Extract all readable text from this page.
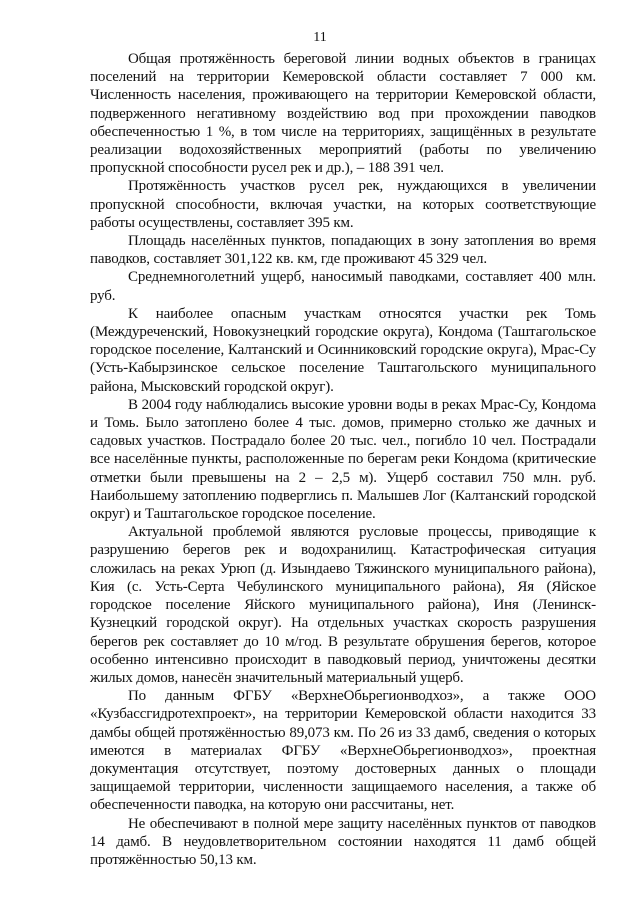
11

Общая протяжённость береговой линии водных объектов в границах поселений на территории Кемеровской области составляет 7 000 км. Численность населения, проживающего на территории Кемеровской области, подверженного негативному воздействию вод при прохождении паводков обеспеченностью 1 %, в том числе на территориях, защищённых в результате реализации водохозяйственных мероприятий (работы по увеличению пропускной способности русел рек и др.), – 188 391 чел.

Протяжённость участков русел рек, нуждающихся в увеличении пропускной способности, включая участки, на которых соответствующие работы осуществлены, составляет 395 км.

Площадь населённых пунктов, попадающих в зону затопления во время паводков, составляет 301,122 кв. км, где проживают 45 329 чел.

Среднемноголетний ущерб, наносимый паводками, составляет 400 млн. руб.

К наиболее опасным участкам относятся участки рек Томь (Междуреченский, Новокузнецкий городские округа), Кондома (Таштагольское городское поселение, Калтанский и Осинниковский городские округа), Мрас-Су (Усть-Кабырзинское сельское поселение Таштагольского муниципального района, Мысковский городской округ).

В 2004 году наблюдались высокие уровни воды в реках Мрас-Су, Кондома и Томь. Было затоплено более 4 тыс. домов, примерно столько же дачных и садовых участков. Пострадало более 20 тыс. чел., погибло 10 чел. Пострадали все населённые пункты, расположенные по берегам реки Кондома (критические отметки были превышены на 2 – 2,5 м). Ущерб составил 750 млн. руб. Наибольшему затоплению подверглись п. Малышев Лог (Калтанский городской округ) и Таштагольское городское поселение.

Актуальной проблемой являются русловые процессы, приводящие к разрушению берегов рек и водохранилищ. Катастрофическая ситуация сложилась на реках Урюп (д. Изындаево Тяжинского муниципального района), Кия (с. Усть-Серта Чебулинского муниципального района), Яя (Яйское городское поселение Яйского муниципального района), Иня (Ленинск-Кузнецкий городской округ). На отдельных участках скорость разрушения берегов рек составляет до 10 м/год. В результате обрушения берегов, которое особенно интенсивно происходит в паводковый период, уничтожены десятки жилых домов, нанесён значительный материальный ущерб.

По данным ФГБУ «ВерхнеОбьрегионводхоз», а также ООО «Кузбассгидротехпроект», на территории Кемеровской области находится 33 дамбы общей протяжённостью 89,073 км. По 26 из 33 дамб, сведения о которых имеются в материалах ФГБУ «ВерхнеОбьрегионводхоз», проектная документация отсутствует, поэтому достоверных данных о площади защищаемой территории, численности защищаемого населения, а также об обеспеченности паводка, на которую они рассчитаны, нет.

Не обеспечивают в полной мере защиту населённых пунктов от паводков 14 дамб. В неудовлетворительном состоянии находятся 11 дамб общей протяжённостью 50,13 км.
